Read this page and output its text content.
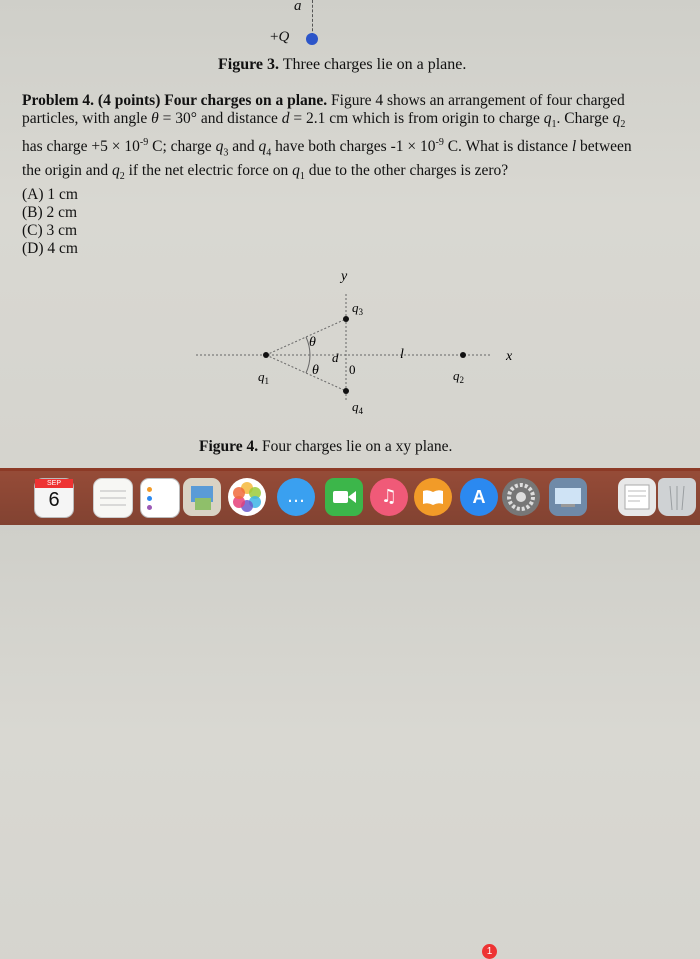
a
+Q
Figure 3. Three charges lie on a plane.

Problem 4. (4 points) Four charges on a plane. Figure 4 shows an arrangement of four charged
particles, with angle θ = 30° and distance d = 2.1 cm which is from origin to charge $q_1$. Charge $q_2$
has charge $+5 \times 10^{-9}$ C; charge $q_3$ and $q_4$ have both charges $-1 \times 10^{-9}$ C. What is distance l between
the origin and $q_2$ if the net electric force on $q_1$ due to the other charges is zero?

(A) 1 cm
(B) 2 cm
(C) 3 cm
(D) 4 cm
y
x
$q_3$
$q_4$
$q_1$	$q_2$
θ
θ
d
0
l
Figure 4. Four charges lie on a xy plane.
SEP
6	…	♫	A
1
